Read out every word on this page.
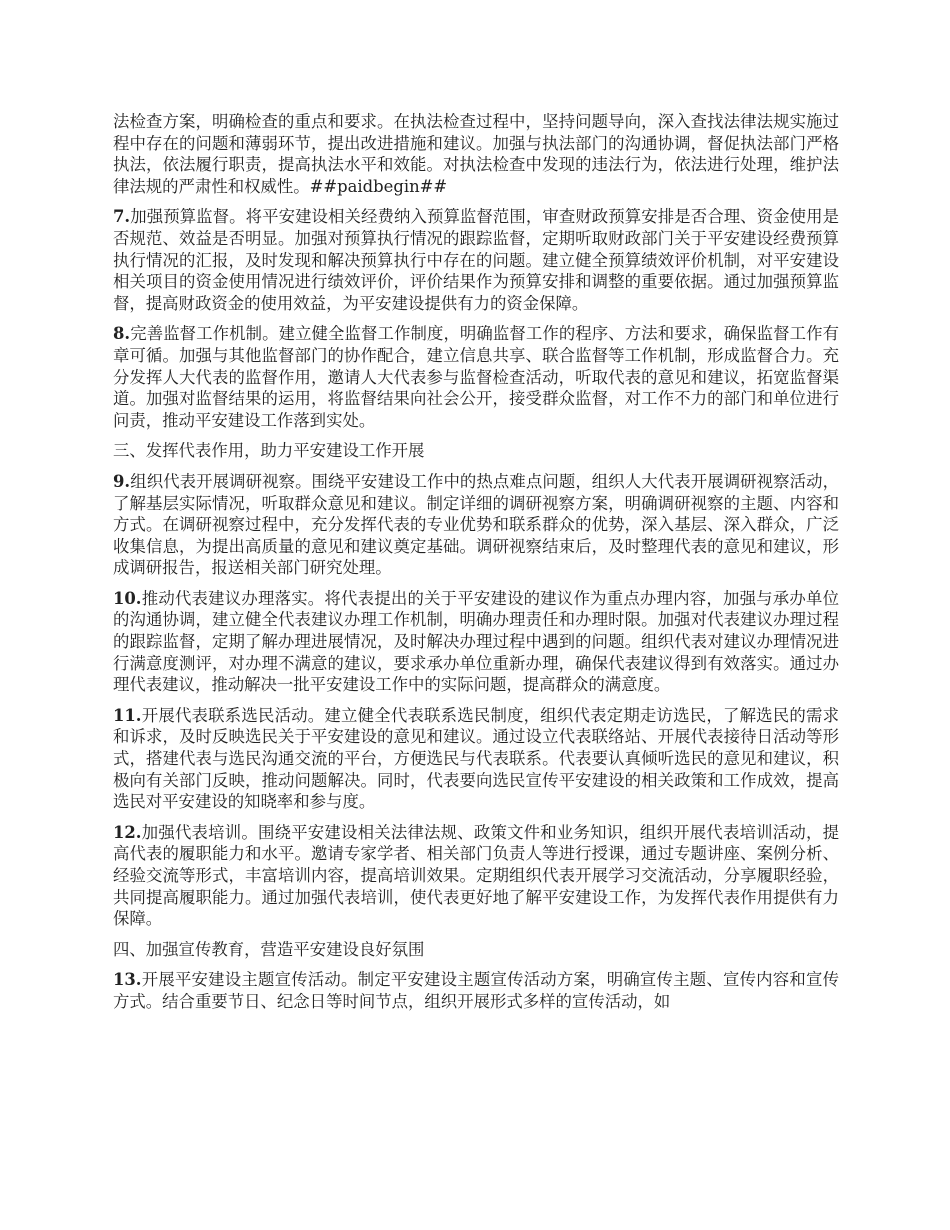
法检查方案，明确检查的重点和要求。在执法检查过程中，坚持问题导向，深入查找法律法规实施过程中存在的问题和薄弱环节，提出改进措施和建议。加强与执法部门的沟通协调，督促执法部门严格执法，依法履行职责，提高执法水平和效能。对执法检查中发现的违法行为，依法进行处理，维护法律法规的严肃性和权威性。##paidbegin##

7.加强预算监督。将平安建设相关经费纳入预算监督范围，审查财政预算安排是否合理、资金使用是否规范、效益是否明显。加强对预算执行情况的跟踪监督，定期听取财政部门关于平安建设经费预算执行情况的汇报，及时发现和解决预算执行中存在的问题。建立健全预算绩效评价机制，对平安建设相关项目的资金使用情况进行绩效评价，评价结果作为预算安排和调整的重要依据。通过加强预算监督，提高财政资金的使用效益，为平安建设提供有力的资金保障。

8.完善监督工作机制。建立健全监督工作制度，明确监督工作的程序、方法和要求，确保监督工作有章可循。加强与其他监督部门的协作配合，建立信息共享、联合监督等工作机制，形成监督合力。充分发挥人大代表的监督作用，邀请人大代表参与监督检查活动，听取代表的意见和建议，拓宽监督渠道。加强对监督结果的运用，将监督结果向社会公开，接受群众监督，对工作不力的部门和单位进行问责，推动平安建设工作落到实处。

三、发挥代表作用，助力平安建设工作开展

9.组织代表开展调研视察。围绕平安建设工作中的热点难点问题，组织人大代表开展调研视察活动，了解基层实际情况，听取群众意见和建议。制定详细的调研视察方案，明确调研视察的主题、内容和方式。在调研视察过程中，充分发挥代表的专业优势和联系群众的优势，深入基层、深入群众，广泛收集信息，为提出高质量的意见和建议奠定基础。调研视察结束后，及时整理代表的意见和建议，形成调研报告，报送相关部门研究处理。

10.推动代表建议办理落实。将代表提出的关于平安建设的建议作为重点办理内容，加强与承办单位的沟通协调，建立健全代表建议办理工作机制，明确办理责任和办理时限。加强对代表建议办理过程的跟踪监督，定期了解办理进展情况，及时解决办理过程中遇到的问题。组织代表对建议办理情况进行满意度测评，对办理不满意的建议，要求承办单位重新办理，确保代表建议得到有效落实。通过办理代表建议，推动解决一批平安建设工作中的实际问题，提高群众的满意度。

11.开展代表联系选民活动。建立健全代表联系选民制度，组织代表定期走访选民，了解选民的需求和诉求，及时反映选民关于平安建设的意见和建议。通过设立代表联络站、开展代表接待日活动等形式，搭建代表与选民沟通交流的平台，方便选民与代表联系。代表要认真倾听选民的意见和建议，积极向有关部门反映，推动问题解决。同时，代表要向选民宣传平安建设的相关政策和工作成效，提高选民对平安建设的知晓率和参与度。

12.加强代表培训。围绕平安建设相关法律法规、政策文件和业务知识，组织开展代表培训活动，提高代表的履职能力和水平。邀请专家学者、相关部门负责人等进行授课，通过专题讲座、案例分析、经验交流等形式，丰富培训内容，提高培训效果。定期组织代表开展学习交流活动，分享履职经验，共同提高履职能力。通过加强代表培训，使代表更好地了解平安建设工作，为发挥代表作用提供有力保障。

四、加强宣传教育，营造平安建设良好氛围

13.开展平安建设主题宣传活动。制定平安建设主题宣传活动方案，明确宣传主题、宣传内容和宣传方式。结合重要节日、纪念日等时间节点，组织开展形式多样的宣传活动，如
